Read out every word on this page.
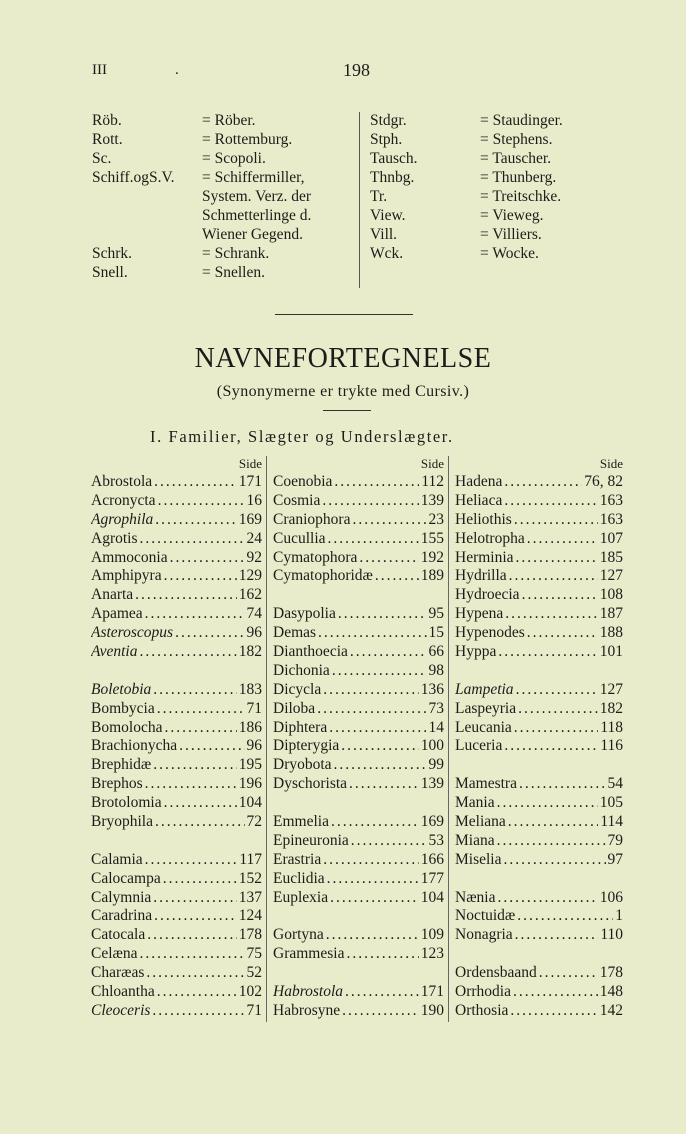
III	.	198
Röb.	= Röber.
Rott.	= Rottemburg.
Sc.	= Scopoli.
Schiff.ogS.V.	= Schiffermiller,
System. Verz. der
Schmetterlinge d.
Wiener Gegend.
Schrk.	= Schrank.
Snell.	= Snellen.
Stdgr.	= Staudinger.
Stph.	= Stephens.
Tausch.	= Tauscher.
Thnbg.	= Thunberg.
Tr.	= Treitschke.
View.	= Vieweg.
Vill.	= Villiers.
Wck.	= Wocke.
NAVNEFORTEGNELSE
(Synonymerne er trykte med Cursiv.)
I. Familier, Slægter og Underslægter.
Side
Abrostola .....	171
Acronycta .....	16
Agrophila .....	169
Agrotis .....	24
Ammoconia .....	92
Amphipyra .....	129
Anarta .....	162
Apamea .....	74
Asteroscopus .....	96
Aventia .....	182
Boletobia .....	183
Bombycia .....	71
Bomolocha .....	186
Brachionycha .....	96
Brephidæ .....	195
Brephos .....	196
Brotolomia .....	104
Bryophila .....	72
Calamia .....	117
Calocampa .....	152
Calymnia .....	137
Caradrina .....	124
Catocala .....	178
Celæna .....	75
Charæas .....	52
Chloantha .....	102
Cleoceris .....	71
Side
Coenobia .....	112
Cosmia .....	139
Craniophora .....	23
Cucullia .....	155
Cymatophora .....	192
Cymatophoridæ .....	189
Dasypolia .....	95
Demas .....	15
Dianthoecia .....	66
Dichonia .....	98
Dicycla .....	136
Diloba .....	73
Diphtera .....	14
Dipterygia .....	100
Dryobota .....	99
Dyschorista .....	139
Emmelia .....	169
Epineuronia .....	53
Erastria .....	166
Euclidia .....	177
Euplexia .....	104
Gortyna .....	109
Grammesia .....	123
Habrostola .....	171
Habrosyne .....	190
Side
Hadena .....	76, 82
Heliaca .....	163
Heliothis .....	163
Helotropha .....	107
Herminia .....	185
Hydrilla .....	127
Hydroecia .....	108
Hypena .....	187
Hypenodes .....	188
Hyppa .....	101
Lampetia .....	127
Laspeyria .....	182
Leucania .....	118
Luceria .....	116
Mamestra .....	54
Mania .....	105
Meliana .....	114
Miana .....	79
Miselia .....	97
Nænia .....	106
Noctuidæ .....	1
Nonagria .....	110
Ordensbaand .....	178
Orrhodia .....	148
Orthosia .....	142
